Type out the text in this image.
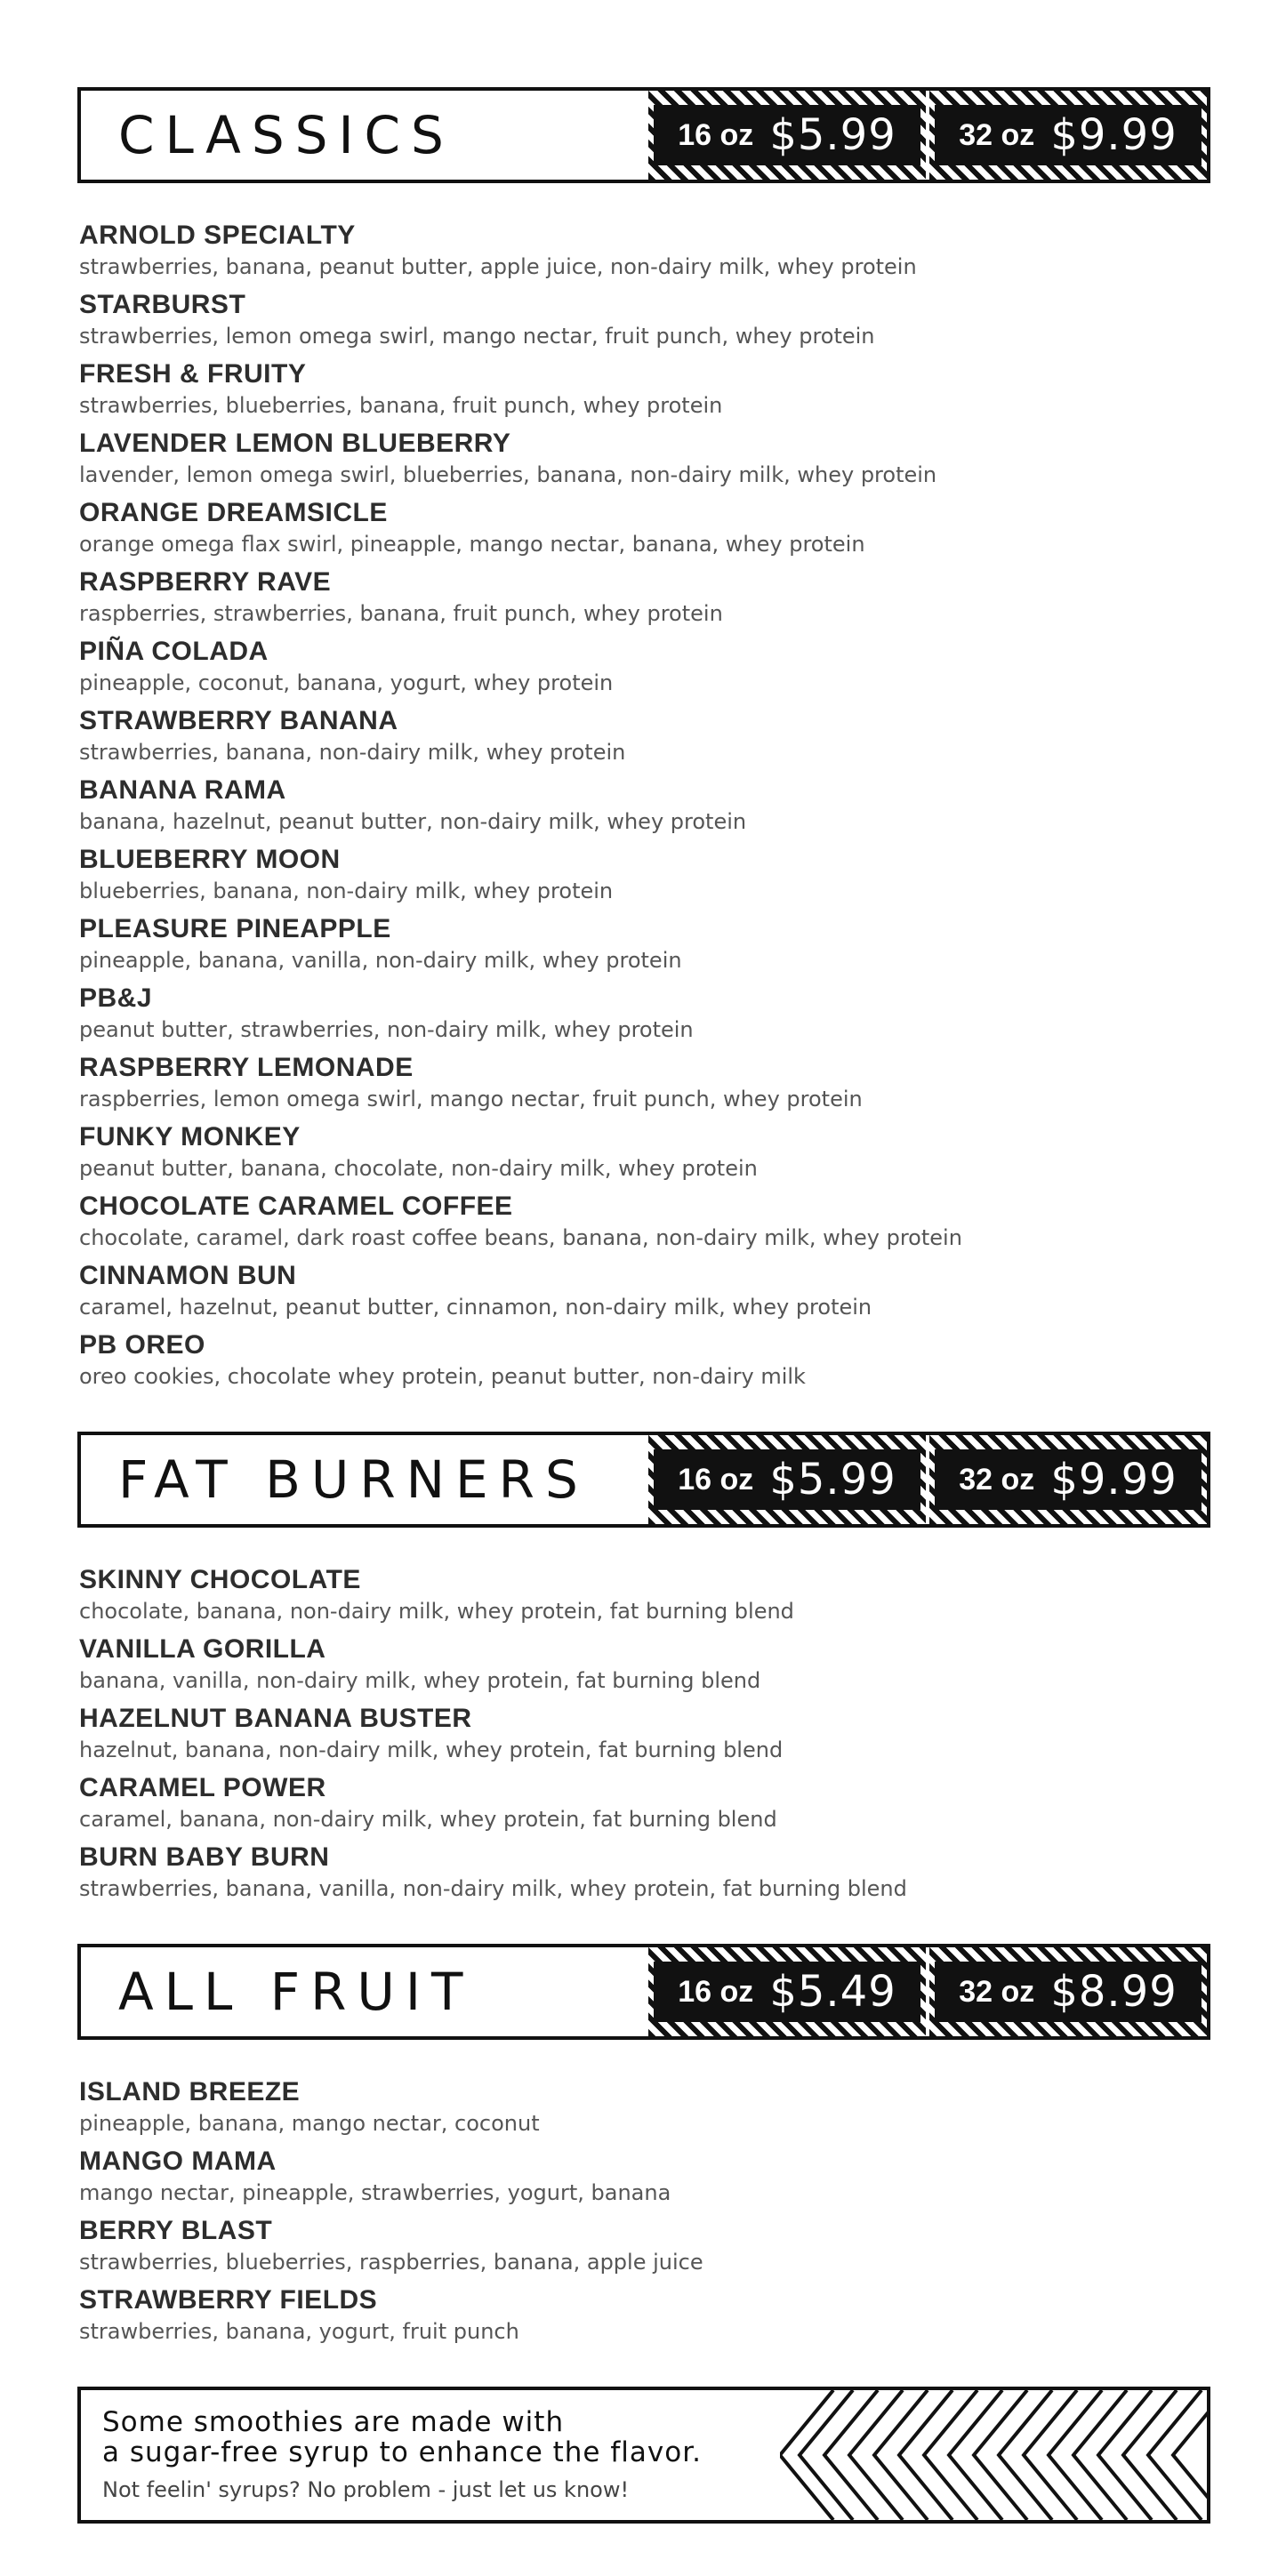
CLASSICS	16 oz $5.99 32 oz $9.99
ARNOLD SPECIALTY
strawberries, banana, peanut butter, apple juice, non-dairy milk, whey protein
STARBURST
strawberries, lemon omega swirl, mango nectar, fruit punch, whey protein
FRESH & FRUITY
strawberries, blueberries, banana, fruit punch, whey protein
LAVENDER LEMON BLUEBERRY
lavender, lemon omega swirl, blueberries, banana, non-dairy milk, whey protein
ORANGE DREAMSICLE
orange omega flax swirl, pineapple, mango nectar, banana, whey protein
RASPBERRY RAVE
raspberries, strawberries, banana, fruit punch, whey protein
PIÑA COLADA
pineapple, coconut, banana, yogurt, whey protein
STRAWBERRY BANANA
strawberries, banana, non-dairy milk, whey protein
BANANA RAMA
banana, hazelnut, peanut butter, non-dairy milk, whey protein
BLUEBERRY MOON
blueberries, banana, non-dairy milk, whey protein
PLEASURE PINEAPPLE
pineapple, banana, vanilla, non-dairy milk, whey protein
PB&J
peanut butter, strawberries, non-dairy milk, whey protein
RASPBERRY LEMONADE
raspberries, lemon omega swirl, mango nectar, fruit punch, whey protein
FUNKY MONKEY
peanut butter, banana, chocolate, non-dairy milk, whey protein
CHOCOLATE CARAMEL COFFEE
chocolate, caramel, dark roast coffee beans, banana, non-dairy milk, whey protein
CINNAMON BUN
caramel, hazelnut, peanut butter, cinnamon, non-dairy milk, whey protein
PB OREO
oreo cookies, chocolate whey protein, peanut butter, non-dairy milk
FAT BURNERS	16 oz $5.99 32 oz $9.99
SKINNY CHOCOLATE
chocolate, banana, non-dairy milk, whey protein, fat burning blend
VANILLA GORILLA
banana, vanilla, non-dairy milk, whey protein, fat burning blend
HAZELNUT BANANA BUSTER
hazelnut, banana, non-dairy milk, whey protein, fat burning blend
CARAMEL POWER
caramel, banana, non-dairy milk, whey protein, fat burning blend
BURN BABY BURN
strawberries, banana, vanilla, non-dairy milk, whey protein, fat burning blend
ALL FRUIT	16 oz $5.49 32 oz $8.99
ISLAND BREEZE
pineapple, banana, mango nectar, coconut
MANGO MAMA
mango nectar, pineapple, strawberries, yogurt, banana
BERRY BLAST
strawberries, blueberries, raspberries, banana, apple juice
STRAWBERRY FIELDS
strawberries, banana, yogurt, fruit punch
Some smoothies are made with
a sugar-free syrup to enhance the flavor.
Not feelin' syrups? No problem - just let us know!
